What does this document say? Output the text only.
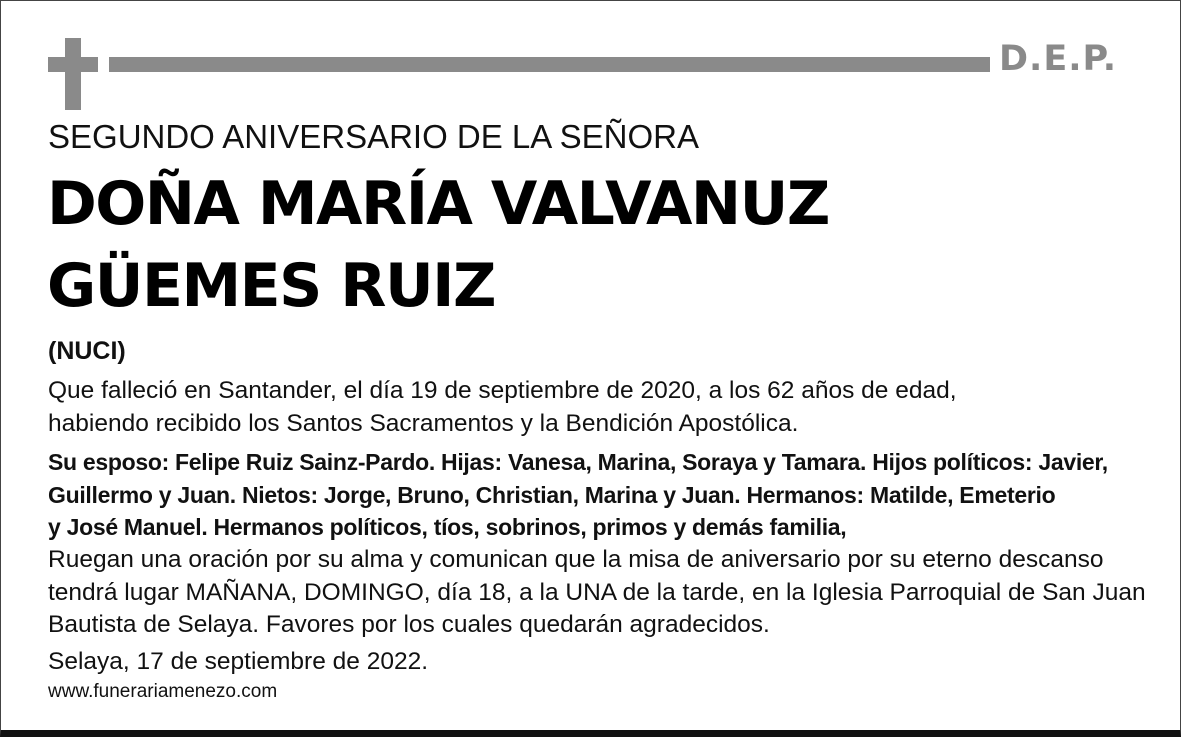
D.E.P.
SEGUNDO ANIVERSARIO DE LA SEÑORA
DOÑA MARÍA VALVANUZ
GÜEMES RUIZ
(NUCI)
Que falleció en Santander, el día 19 de septiembre de 2020, a los 62 años de edad,
habiendo recibido los Santos Sacramentos y la Bendición Apostólica.
Su esposo: Felipe Ruiz Sainz-Pardo. Hijas: Vanesa, Marina, Soraya y Tamara. Hijos políticos: Javier,
Guillermo y Juan. Nietos: Jorge, Bruno, Christian, Marina y Juan. Hermanos: Matilde, Emeterio
y José Manuel. Hermanos políticos, tíos, sobrinos, primos y demás familia,
Ruegan una oración por su alma y comunican que la misa de aniversario por su eterno descanso
tendrá lugar MAÑANA, DOMINGO, día 18, a la UNA de la tarde, en la Iglesia Parroquial de San Juan
Bautista de Selaya. Favores por los cuales quedarán agradecidos.
Selaya, 17 de septiembre de 2022.
www.funerariamenezo.com
